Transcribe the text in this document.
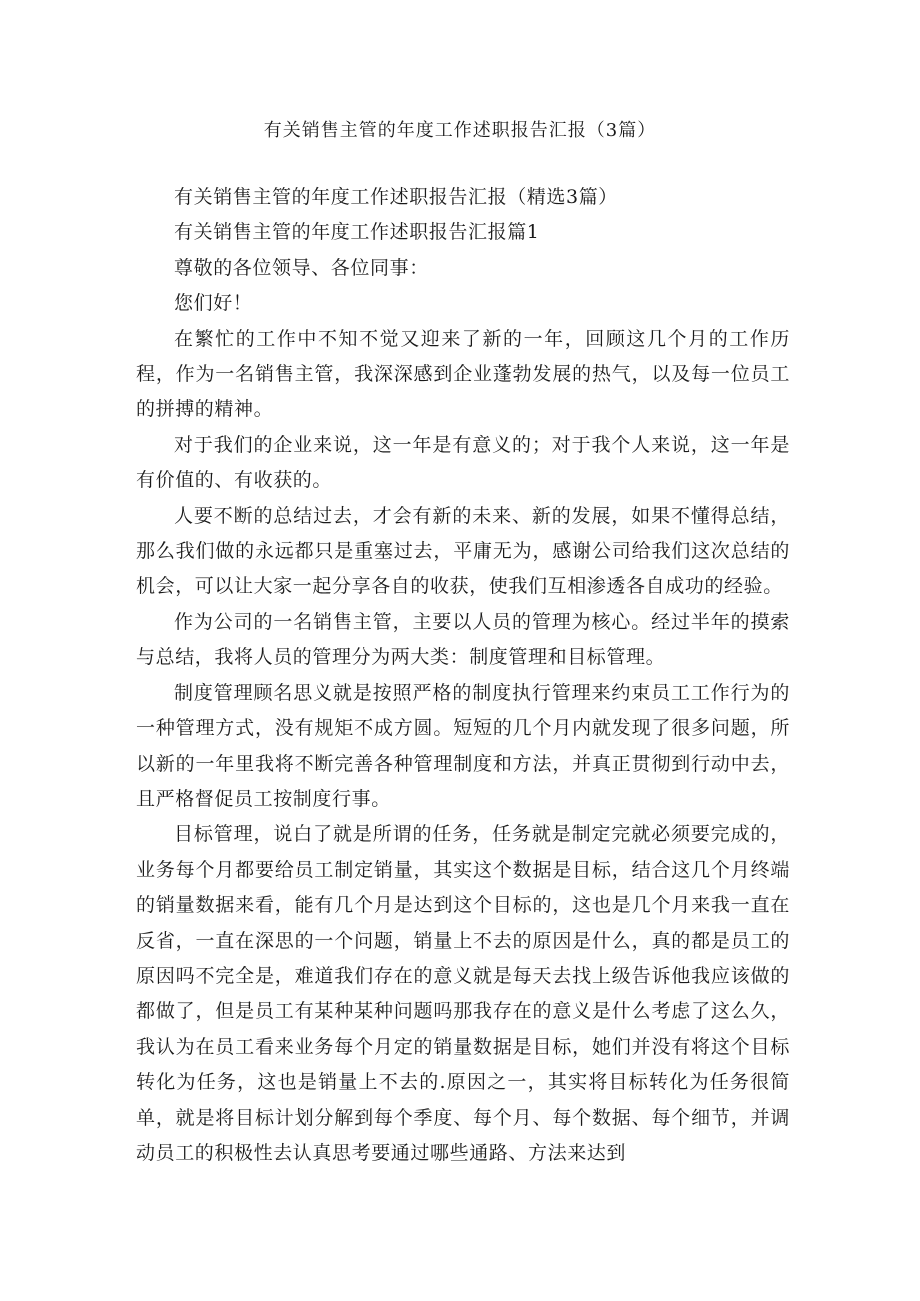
有关销售主管的年度工作述职报告汇报（3篇）

有关销售主管的年度工作述职报告汇报（精选3篇）

有关销售主管的年度工作述职报告汇报篇1

尊敬的各位领导、各位同事：

您们好！

在繁忙的工作中不知不觉又迎来了新的一年，回顾这几个月的工作历程，作为一名销售主管，我深深感到企业蓬勃发展的热气，以及每一位员工的拼搏的精神。

对于我们的企业来说，这一年是有意义的；对于我个人来说，这一年是有价值的、有收获的。

人要不断的总结过去，才会有新的未来、新的发展，如果不懂得总结，那么我们做的永远都只是重塞过去，平庸无为，感谢公司给我们这次总结的机会，可以让大家一起分享各自的收获，使我们互相渗透各自成功的经验。

作为公司的一名销售主管，主要以人员的管理为核心。经过半年的摸索与总结，我将人员的管理分为两大类：制度管理和目标管理。

制度管理顾名思义就是按照严格的制度执行管理来约束员工工作行为的一种管理方式，没有规矩不成方圆。短短的几个月内就发现了很多问题，所以新的一年里我将不断完善各种管理制度和方法，并真正贯彻到行动中去，且严格督促员工按制度行事。

目标管理，说白了就是所谓的任务，任务就是制定完就必须要完成的，业务每个月都要给员工制定销量，其实这个数据是目标，结合这几个月终端的销量数据来看，能有几个月是达到这个目标的，这也是几个月来我一直在反省，一直在深思的一个问题，销量上不去的原因是什么，真的都是员工的原因吗不完全是，难道我们存在的意义就是每天去找上级告诉他我应该做的都做了，但是员工有某种某种问题吗那我存在的意义是什么考虑了这么久，我认为在员工看来业务每个月定的销量数据是目标，她们并没有将这个目标转化为任务，这也是销量上不去的.原因之一，其实将目标转化为任务很简单，就是将目标计划分解到每个季度、每个月、每个数据、每个细节，并调动员工的积极性去认真思考要通过哪些通路、方法来达到
